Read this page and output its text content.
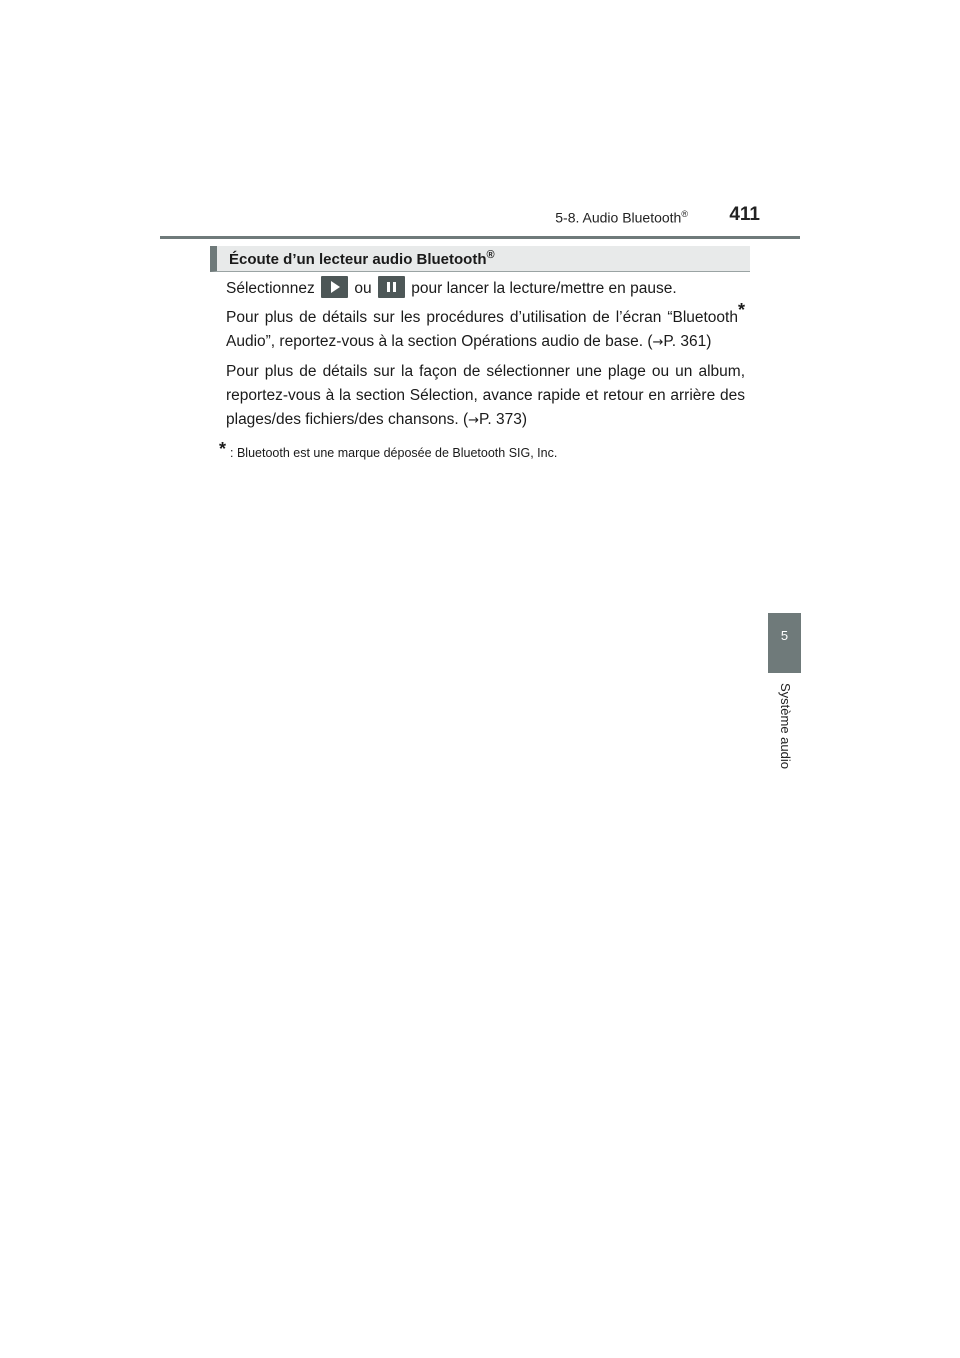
5-8. Audio Bluetooth® 411
5
Système audio
Écoute d’un lecteur audio Bluetooth®

Sélectionnez	ou	pour lancer la lecture/mettre en pause.

Pour plus de détails sur les procédures d’utilisation de l’écran “Bluetooth* Audio”, reportez-vous à la section Opérations audio de base. (→P. 361)

Pour plus de détails sur la façon de sélectionner une plage ou un album, reportez-vous à la section Sélection, avance rapide et retour en arrière des plages/des fichiers/des chansons. (→P. 373)

* : Bluetooth est une marque déposée de Bluetooth SIG, Inc.
